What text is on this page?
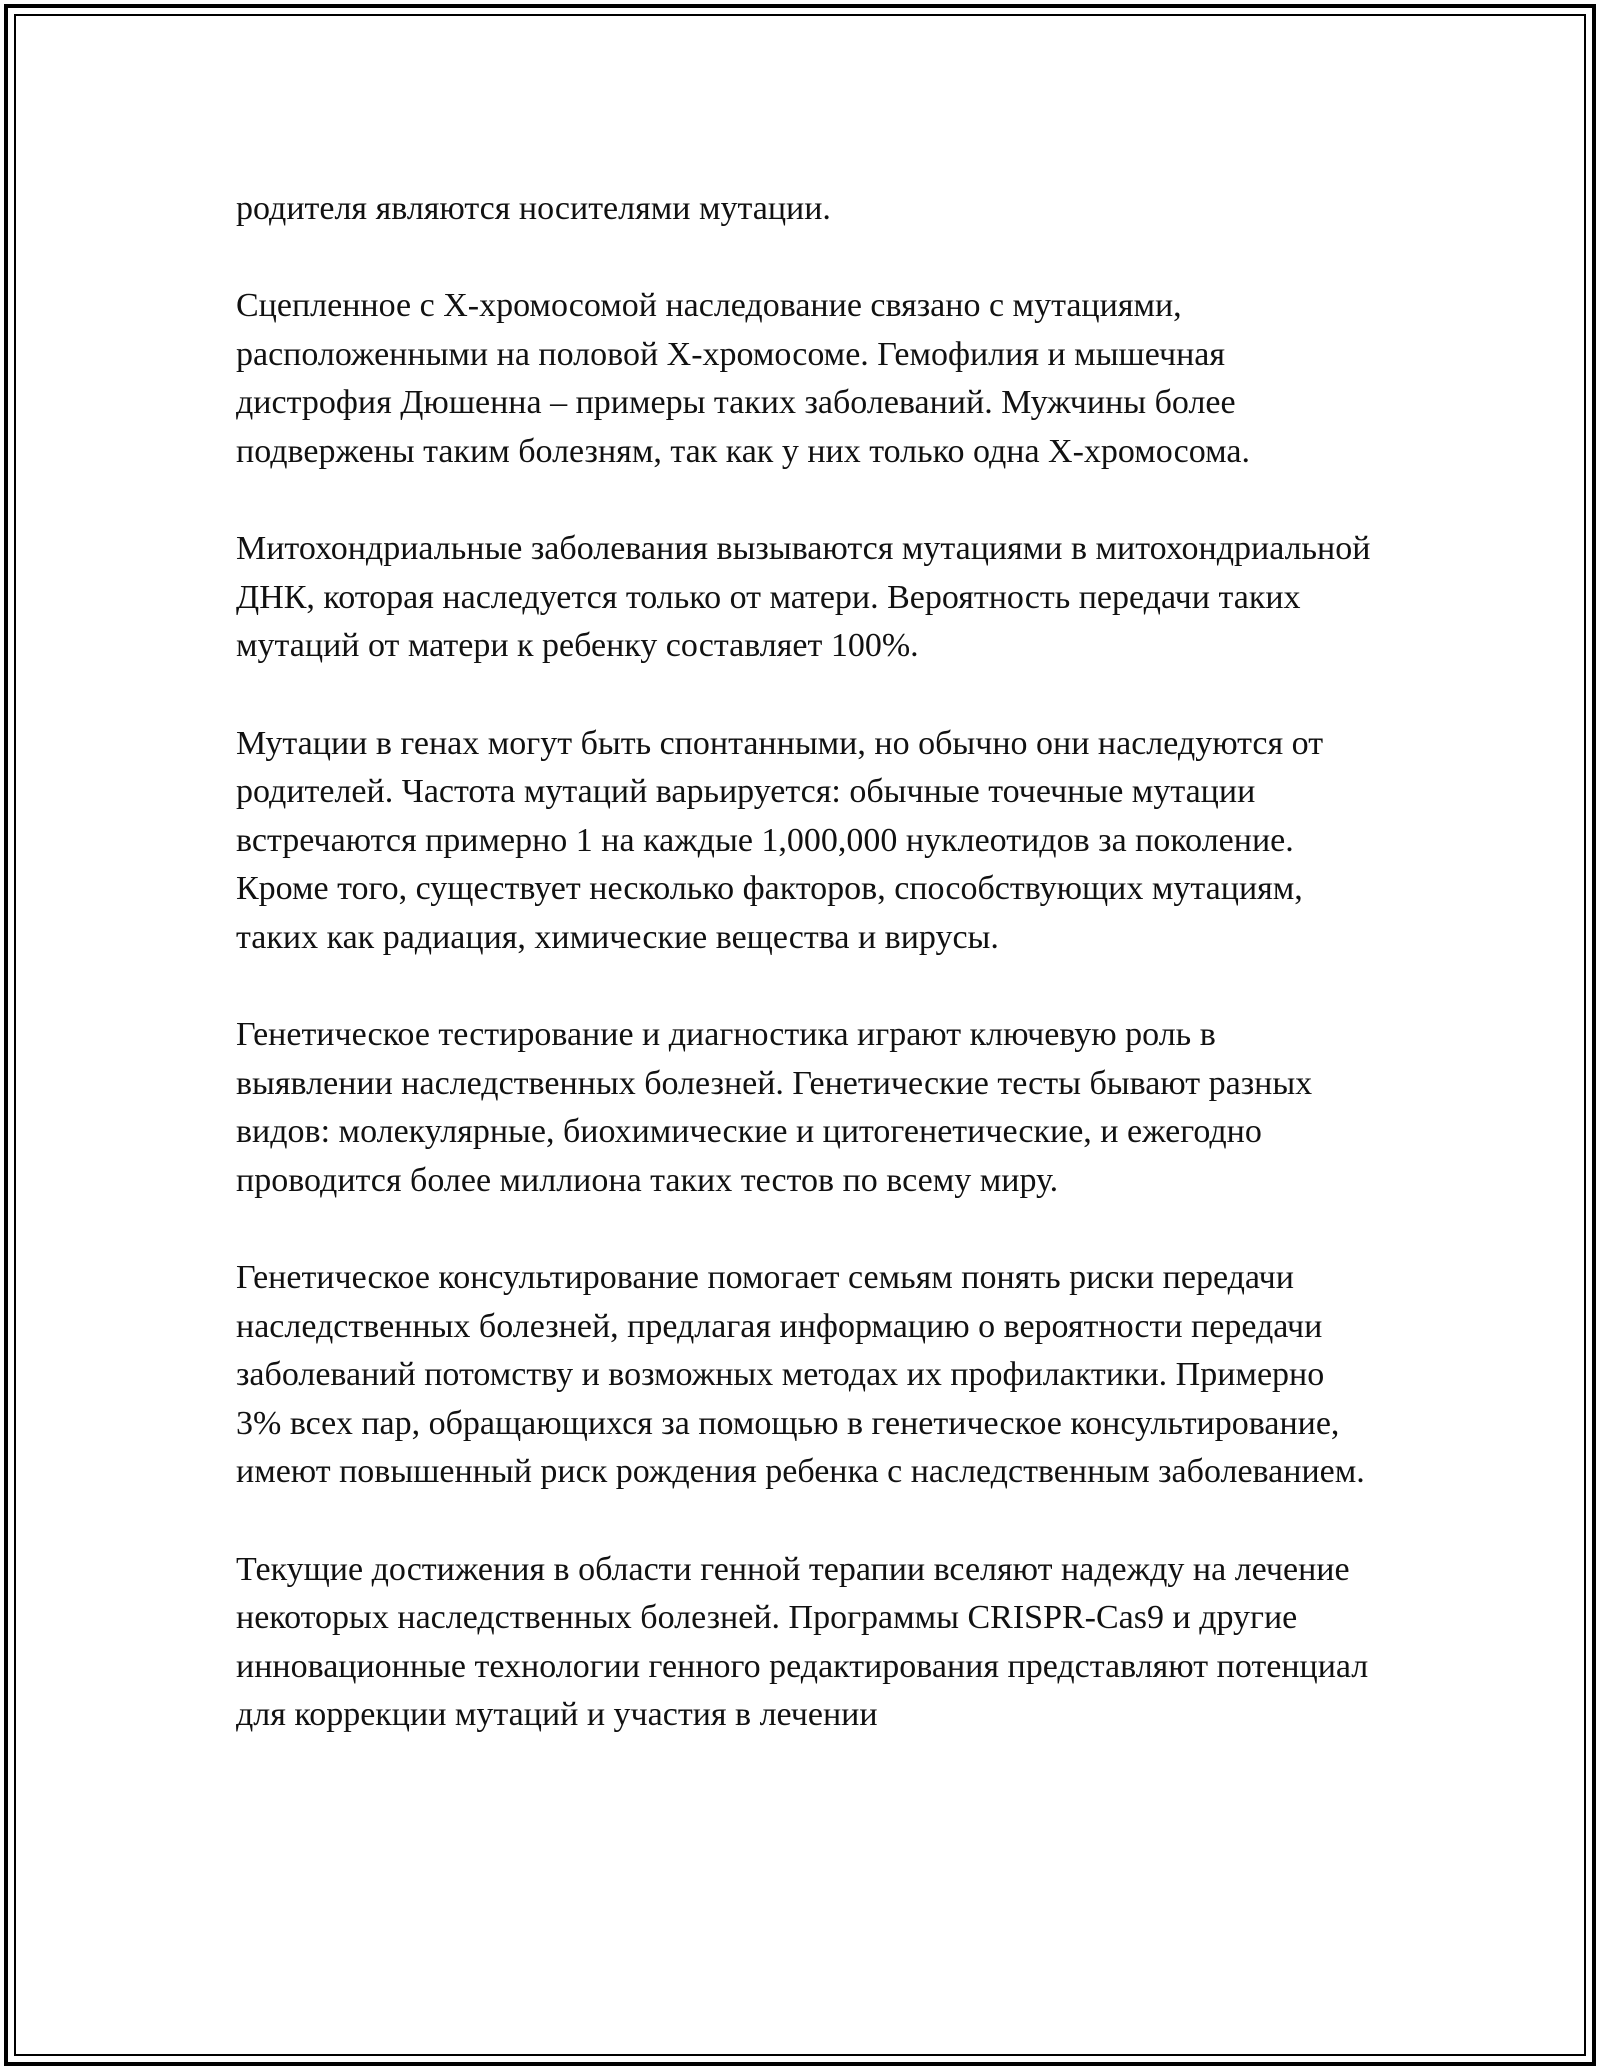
родителя являются носителями мутации.

Сцепленное с X-хромосомой наследование связано с мутациями, расположенными на половой X-хромосоме. Гемофилия и мышечная дистрофия Дюшенна – примеры таких заболеваний. Мужчины более подвержены таким болезням, так как у них только одна X-хромосома.

Митохондриальные заболевания вызываются мутациями в митохондриальной ДНК, которая наследуется только от матери. Вероятность передачи таких мутаций от матери к ребенку составляет 100%.

Мутации в генах могут быть спонтанными, но обычно они наследуются от родителей. Частота мутаций варьируется: обычные точечные мутации встречаются примерно 1 на каждые 1,000,000 нуклеотидов за поколение. Кроме того, существует несколько факторов, способствующих мутациям, таких как радиация, химические вещества и вирусы.

Генетическое тестирование и диагностика играют ключевую роль в выявлении наследственных болезней. Генетические тесты бывают разных видов: молекулярные, биохимические и цитогенетические, и ежегодно проводится более миллиона таких тестов по всему миру.

Генетическое консультирование помогает семьям понять риски передачи наследственных болезней, предлагая информацию о вероятности передачи заболеваний потомству и возможных методах их профилактики. Примерно 3% всех пар, обращающихся за помощью в генетическое консультирование, имеют повышенный риск рождения ребенка с наследственным заболеванием.

Текущие достижения в области генной терапии вселяют надежду на лечение некоторых наследственных болезней. Программы CRISPR-Cas9 и другие инновационные технологии генного редактирования представляют потенциал для коррекции мутаций и участия в лечении
